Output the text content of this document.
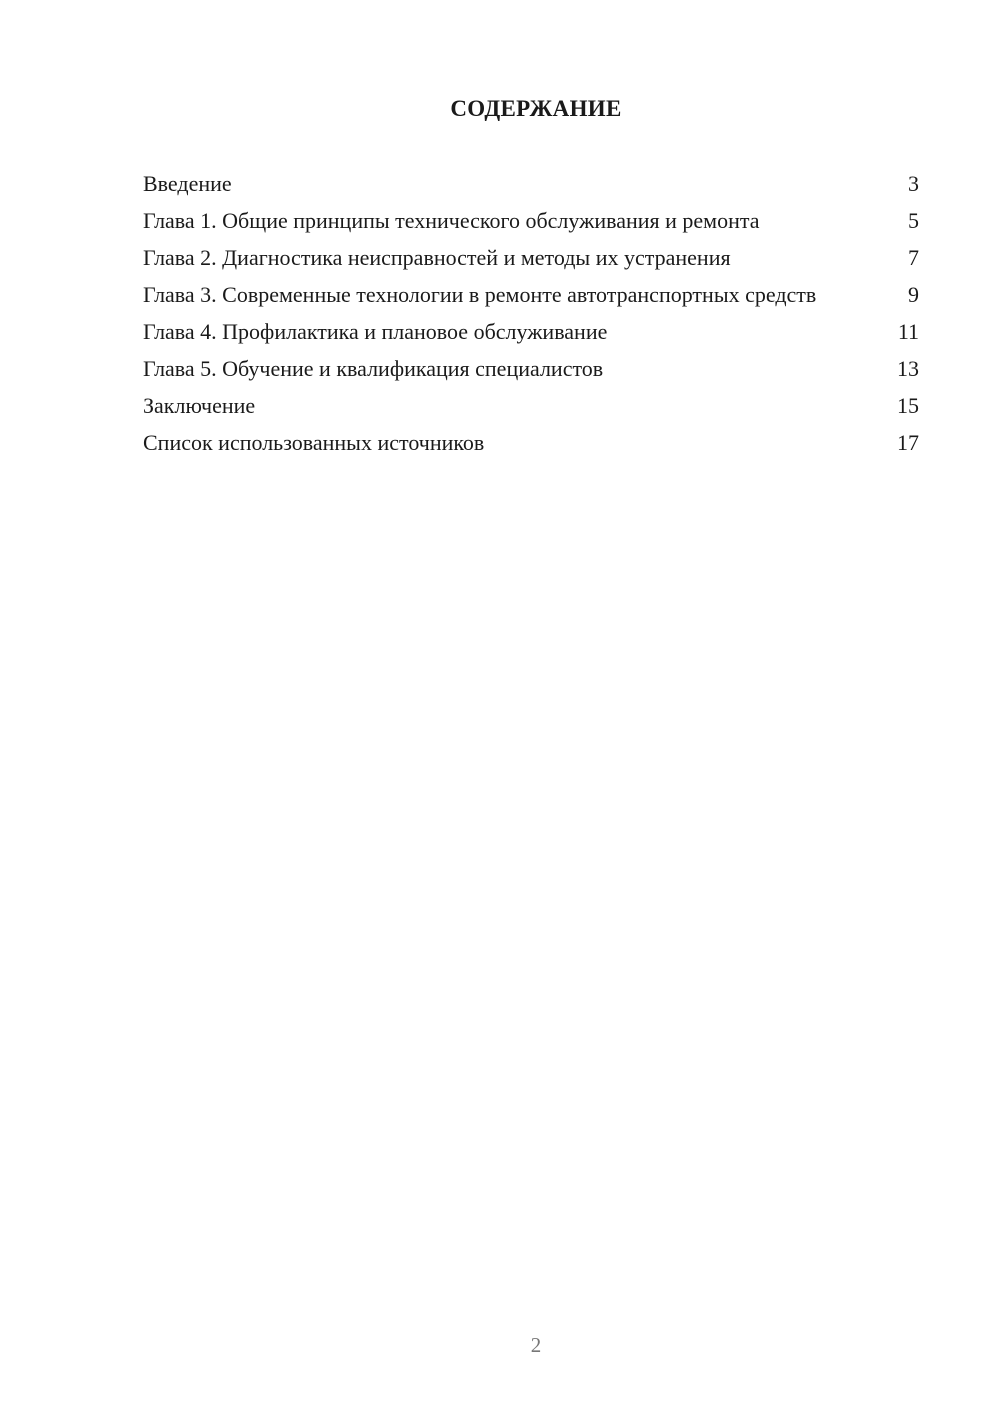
СОДЕРЖАНИЕ
Введение	3
Глава 1. Общие принципы технического обслуживания и ремонта	5
Глава 2. Диагностика неисправностей и методы их устранения	7
Глава 3. Современные технологии в ремонте автотранспортных средств	9
Глава 4. Профилактика и плановое обслуживание	11
Глава 5. Обучение и квалификация специалистов	13
Заключение	15
Список использованных источников	17
2
